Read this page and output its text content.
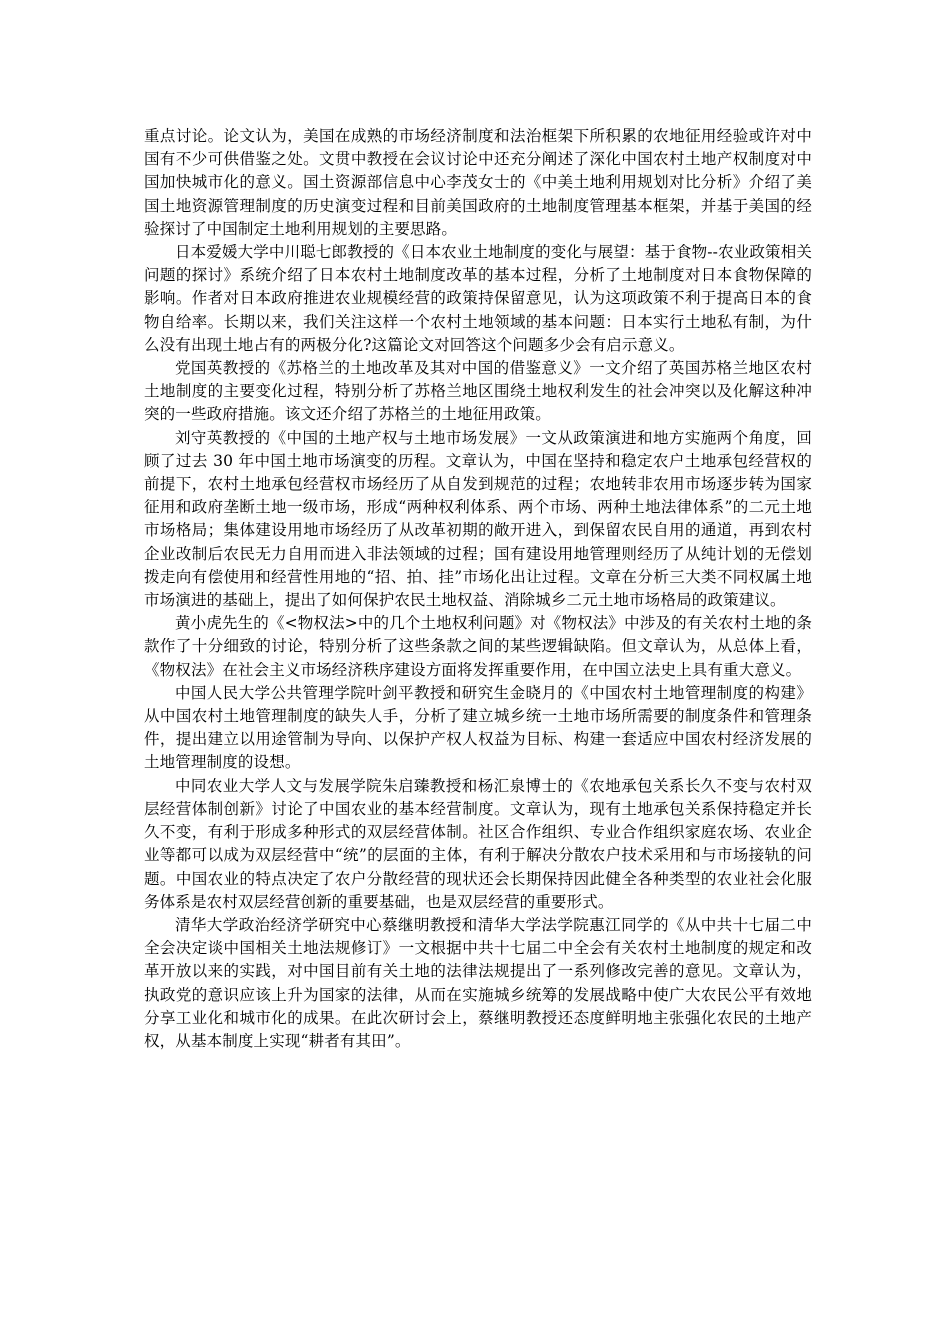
重点讨论。论文认为，美国在成熟的市场经济制度和法治框架下所积累的农地征用经验或许对中国有不少可供借鉴之处。文贯中教授在会议讨论中还充分阐述了深化中国农村土地产权制度对中国加快城市化的意义。国土资源部信息中心李茂女士的《中美土地利用规划对比分析》介绍了美国土地资源管理制度的历史演变过程和目前美国政府的土地制度管理基本框架，并基于美国的经验探讨了中国制定土地利用规划的主要思路。

日本爱媛大学中川聪七郎教授的《日本农业土地制度的变化与展望：基于食物--农业政策相关问题的探讨》系统介绍了日本农村土地制度改革的基本过程，分析了土地制度对日本食物保障的影响。作者对日本政府推进农业规模经营的政策持保留意见，认为这项政策不利于提高日本的食物自给率。长期以来，我们关注这样一个农村土地领域的基本问题：日本实行土地私有制，为什么没有出现土地占有的两极分化?这篇论文对回答这个问题多少会有启示意义。

党国英教授的《苏格兰的土地改革及其对中国的借鉴意义》一文介绍了英国苏格兰地区农村土地制度的主要变化过程，特别分析了苏格兰地区围绕土地权利发生的社会冲突以及化解这种冲突的一些政府措施。该文还介绍了苏格兰的土地征用政策。

刘守英教授的《中国的土地产权与土地市场发展》一文从政策演进和地方实施两个角度，回顾了过去 30 年中国土地市场演变的历程。文章认为，中国在坚持和稳定农户土地承包经营权的前提下，农村土地承包经营权市场经历了从自发到规范的过程；农地转非农用市场逐步转为国家征用和政府垄断土地一级市场，形成“两种权利体系、两个市场、两种土地法律体系”的二元土地市场格局；集体建设用地市场经历了从改革初期的敞开进入，到保留农民自用的通道，再到农村企业改制后农民无力自用而进入非法领域的过程；国有建设用地管理则经历了从纯计划的无偿划拨走向有偿使用和经营性用地的“招、拍、挂”市场化出让过程。文章在分析三大类不同权属土地市场演进的基础上，提出了如何保护农民土地权益、消除城乡二元土地市场格局的政策建议。

黄小虎先生的《<物权法>中的几个土地权利问题》对《物权法》中涉及的有关农村土地的条款作了十分细致的讨论，特别分析了这些条款之间的某些逻辑缺陷。但文章认为，从总体上看，《物权法》在社会主义市场经济秩序建设方面将发挥重要作用，在中国立法史上具有重大意义。

中国人民大学公共管理学院叶剑平教授和研究生金晓月的《中国农村土地管理制度的构建》从中国农村土地管理制度的缺失人手，分析了建立城乡统一土地市场所需要的制度条件和管理条件，提出建立以用途管制为导向、以保护产权人权益为目标、构建一套适应中国农村经济发展的土地管理制度的设想。

中同农业大学人文与发展学院朱启臻教授和杨汇泉博士的《农地承包关系长久不变与农村双层经营体制创新》讨论了中国农业的基本经营制度。文章认为，现有土地承包关系保持稳定并长久不变，有利于形成多种形式的双层经营体制。社区合作组织、专业合作组织家庭农场、农业企业等都可以成为双层经营中“统”的层面的主体，有利于解决分散农户技术采用和与市场接轨的问题。中国农业的特点决定了农户分散经营的现状还会长期保持因此健全各种类型的农业社会化服务体系是农村双层经营创新的重要基础，也是双层经营的重要形式。

清华大学政治经济学研究中心蔡继明教授和清华大学法学院惠江同学的《从中共十七届二中全会决定谈中国相关土地法规修订》一文根据中共十七届二中全会有关农村土地制度的规定和改革开放以来的实践，对中国目前有关土地的法律法规提出了一系列修改完善的意见。文章认为，执政党的意识应该上升为国家的法律，从而在实施城乡统筹的发展战略中使广大农民公平有效地分享工业化和城市化的成果。在此次研讨会上，蔡继明教授还态度鲜明地主张强化农民的土地产权，从基本制度上实现“耕者有其田”。
